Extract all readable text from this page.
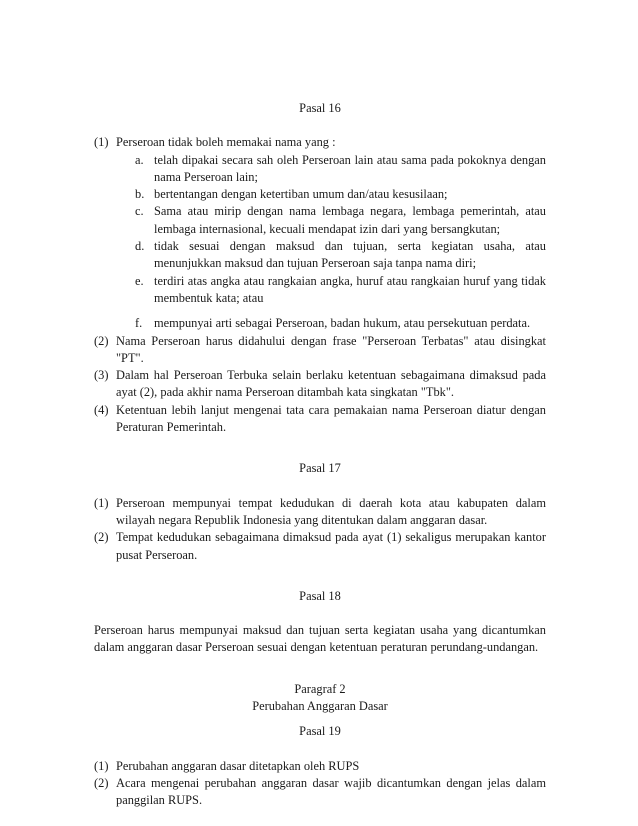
Pasal 16
(1) Perseroan tidak boleh memakai nama yang :
a. telah dipakai secara sah oleh Perseroan lain atau sama pada pokoknya dengan nama Perseroan lain;
b. bertentangan dengan ketertiban umum dan/atau kesusilaan;
c. Sama atau mirip dengan nama lembaga negara, lembaga pemerintah, atau lembaga internasional, kecuali mendapat izin dari yang bersangkutan;
d. tidak sesuai dengan maksud dan tujuan, serta kegiatan usaha, atau menunjukkan maksud dan tujuan Perseroan saja tanpa nama diri;
e. terdiri atas angka atau rangkaian angka, huruf atau rangkaian huruf yang tidak membentuk kata; atau
f. mempunyai arti sebagai Perseroan, badan hukum, atau persekutuan perdata.
(2) Nama Perseroan harus didahului dengan frase "Perseroan Terbatas" atau disingkat "PT".
(3) Dalam hal Perseroan Terbuka selain berlaku ketentuan sebagaimana dimaksud pada ayat (2), pada akhir nama Perseroan ditambah kata singkatan "Tbk".
(4) Ketentuan lebih lanjut mengenai tata cara pemakaian nama Perseroan diatur dengan Peraturan Pemerintah.
Pasal 17
(1) Perseroan mempunyai tempat kedudukan di daerah kota atau kabupaten dalam wilayah negara Republik Indonesia yang ditentukan dalam anggaran dasar.
(2) Tempat kedudukan sebagaimana dimaksud pada ayat (1) sekaligus merupakan kantor pusat Perseroan.
Pasal 18

Perseroan harus mempunyai maksud dan tujuan serta kegiatan usaha yang dicantumkan dalam anggaran dasar Perseroan sesuai dengan ketentuan peraturan perundang-undangan.

Paragraf 2
Perubahan Anggaran Dasar
Pasal 19
(1) Perubahan anggaran dasar ditetapkan oleh RUPS
(2) Acara mengenai perubahan anggaran dasar wajib dicantumkan dengan jelas dalam panggilan RUPS.
